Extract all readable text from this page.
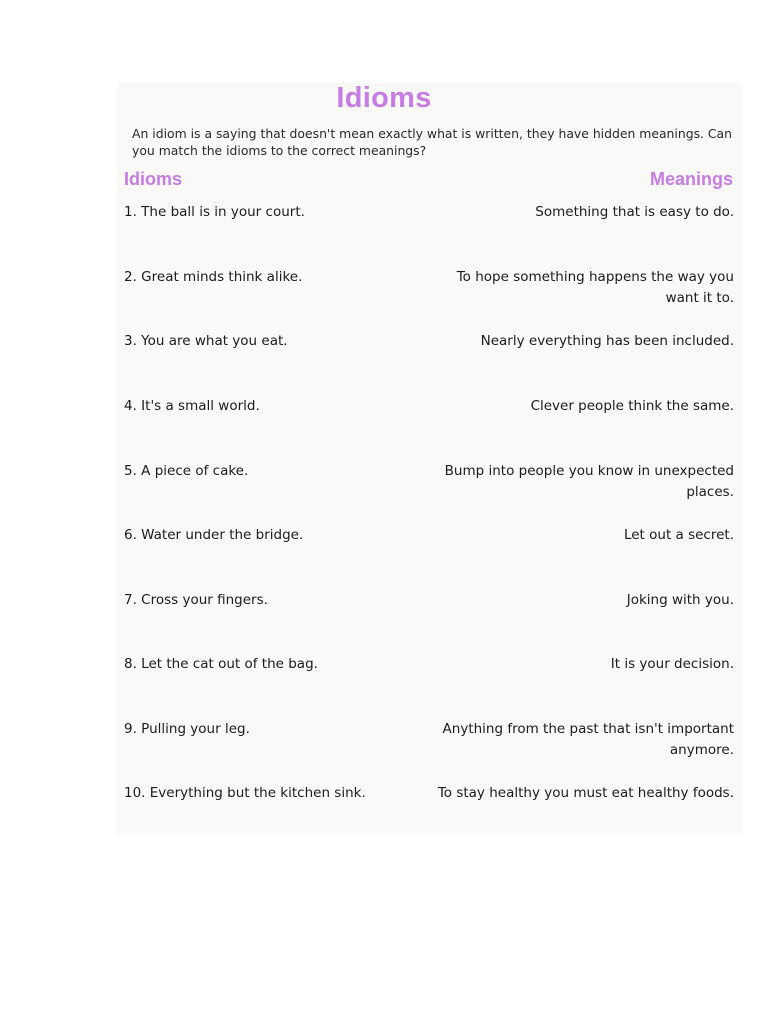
Idioms
An idiom is a saying that doesn't mean exactly what is written, they have hidden meanings. Can you match the idioms to the correct meanings?
Idioms	Meanings
1. The ball is in your court.	Something that is easy to do.
2. Great minds think alike.	To hope something happens the way you want it to.
3. You are what you eat.	Nearly everything has been included.
4. It's a small world.	Clever people think the same.
5. A piece of cake.	Bump into people you know in unexpected places.
6. Water under the bridge.	Let out a secret.
7. Cross your fingers.	Joking with you.
8. Let the cat out of the bag.	It is your decision.
9. Pulling your leg.	Anything from the past that isn't important anymore.
10. Everything but the kitchen sink.	To stay healthy you must eat healthy foods.
